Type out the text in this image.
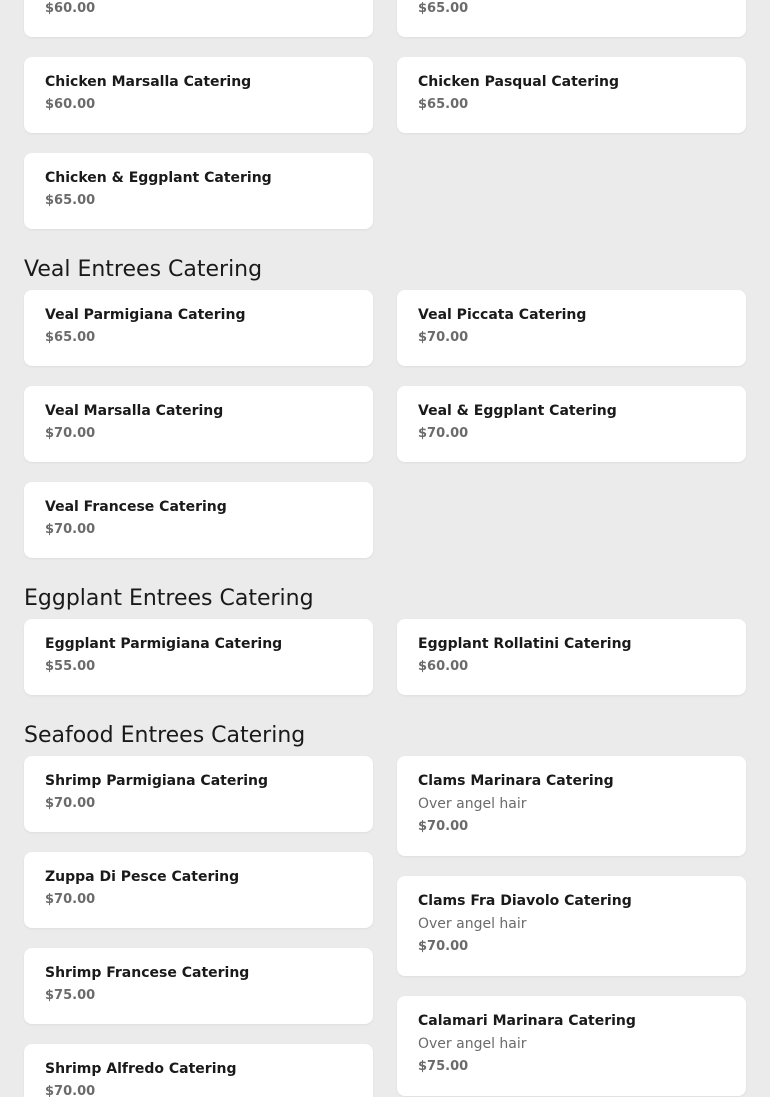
$60.00	$65.00
Chicken Marsalla Catering
$60.00
Chicken Pasqual Catering
$65.00
Chicken & Eggplant Catering
$65.00
Veal Entrees Catering
Veal Parmigiana Catering
$65.00
Veal Piccata Catering
$70.00
Veal Marsalla Catering
$70.00
Veal & Eggplant Catering
$70.00
Veal Francese Catering
$70.00
Eggplant Entrees Catering
Eggplant Parmigiana Catering
$55.00
Eggplant Rollatini Catering
$60.00
Seafood Entrees Catering
Shrimp Parmigiana Catering
$70.00
Zuppa Di Pesce Catering
$70.00
Shrimp Francese Catering
$75.00
Shrimp Alfredo Catering
$70.00
Clams Marinara Catering
Over angel hair
$70.00
Clams Fra Diavolo Catering
Over angel hair
$70.00
Calamari Marinara Catering
Over angel hair
$75.00
